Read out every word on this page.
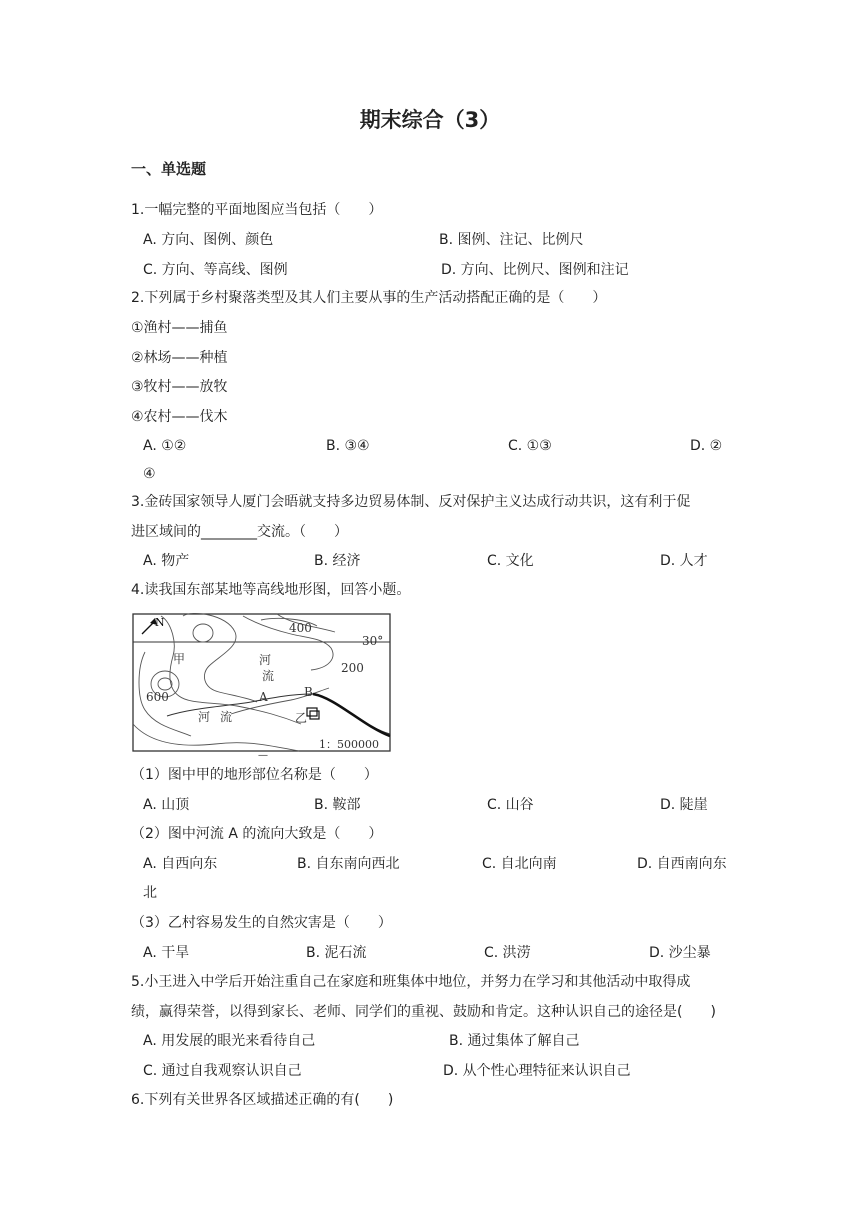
期末综合（3）
一、单选题
1.一幅完整的平面地图应当包括（　　）
A. 方向、图例、颜色	B. 图例、注记、比例尺
C. 方向、等高线、图例	D. 方向、比例尺、图例和注记
2.下列属于乡村聚落类型及其人们主要从事的生产活动搭配正确的是（　　）
①渔村——捕鱼
②林场——种植
③牧村——放牧
④农村——伐木
A. ①②	B. ③④	C. ①③	D. ②
④
3.金砖国家领导人厦门会晤就支持多边贸易体制、反对保护主义达成行动共识，这有利于促
进区域间的________交流。（　　）
A. 物产	B. 经济	C. 文化	D. 人才
4.读我国东部某地等高线地形图，回答小题。
N	400
200
600
30°
甲	河
流
河 流
A	B
乙
1：500000
—
（1）图中甲的地形部位名称是（　　）
A. 山顶	B. 鞍部	C. 山谷	D. 陡崖
（2）图中河流 A 的流向大致是（　　）
A. 自西向东	B. 自东南向西北	C. 自北向南	D. 自西南向东
北
（3）乙村容易发生的自然灾害是（　　）
A. 干旱	B. 泥石流	C. 洪涝	D. 沙尘暴
5.小王进入中学后开始注重自己在家庭和班集体中地位，并努力在学习和其他活动中取得成
绩，赢得荣誉，以得到家长、老师、同学们的重视、鼓励和肯定。这种认识自己的途径是(　　)
A. 用发展的眼光来看待自己	B. 通过集体了解自己
C. 通过自我观察认识自己	D. 从个性心理特征来认识自己
6.下列有关世界各区域描述正确的有(　　)
